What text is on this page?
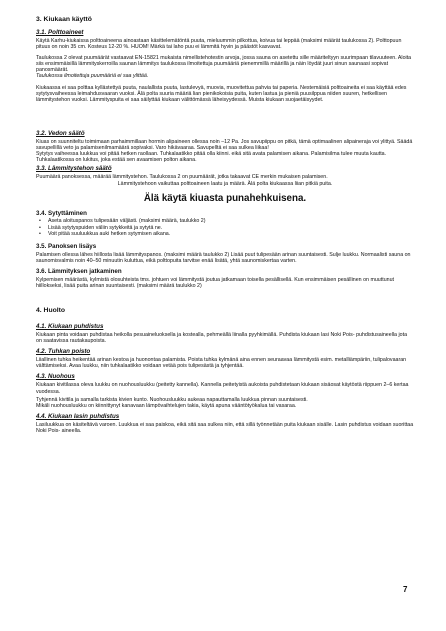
3. Kiukaan käyttö

3.1. Polttoaineet

Käytä Karhu-kiukaissa polttoaineena ainoastaan käsittelemätöntä puuta, mieluummin pilkottua, koivua tai leppää (maksimi määrät taulukossa 2). Polttopuun pituus on noin 35 cm. Kosteus 12-20 %. HUOM! Märkä tai laho puu ei lämmitä hyvin ja päästöt kasvavat.

Taulukossa 2 olevat puumäärät vastaavat EN-15821 mukaista nimellistehotestin arvoja, jossa sauna on asetettu sille määriteltyyn suurimpaan tilavuuteen. Aloita siis ensimmäisillä lämmityskerroilla saunan lämmitys taulukossa ilmoitettuja puumääriä pienemmillä määrillä ja näin löydät juuri sinun saunaasi sopivat panosmäärät.

Taulukossa ilmoitettuja puumääriä ei saa ylittää.

Kiukaassa ei saa polttaa kyllästettyä puuta, naulallista puuta, lastulevyä, muovia, muovitettua pahvia tai paperia. Nestemäisiä polttoaineita ei saa käyttää edes sytytysvaiheessa leimahdusvaaran vuoksi. Älä poltа suuria määriä lian pienikokoisia puita, kuten lastua ja pieniä puusilppua niiden suuren, hetkellisen lämmitystehon vuoksi. Lämmityspuita ei saa säilyttää kiukaan välittömässä läheisyydessä. Muista kiukaan suojaetäisyydet.

3.2. Vedon säätö

Kiuas on suunniteltu toimimaan parhaimmillaan hormin alipaineen ollessa noin –12 Pa. Jos savupiippu on pitkä, tämä optimaalinen alipaineraja voi ylittyä. Säädä savupellillä veto ja palamisenilmamäärä sopivaksi. Varo hikävaaraa. Savupelltä ei saa sulkea liikaa!

Sytytys vaiheessa luukkua voi pitää hetken raollaan. Tuhkalaatikko pitää olla kiinni. eikä sitä avata palamisen aikana. Palamisilma tulee muuta kautta. Tuhkalaatikossa on lukitus, joka estää sen avaamisen polton aikana.

3.3. Lämmitystehon säätö

Puumäärä panoksessa, määrää lämmitystehon. Taulukossa 2 on puumäärät, jotka takaavat CE merkin mukaisen palamisen.

Lämmitystehoon vaikuttaa polttoaineen laatu ja määrä. Älä polta kiukaassa liian pitkiä puita.

Älä käytä kiuasta punahehkuisena.

3.4. Sytyttäminen

• Aseta aloituspanos tulipesään väljästi. (maksimi määrä, taulukko 2)
• Lisää sytytyspuiden väliin sytykkeitä ja sytytä ne.
• Voit pitää suuluukkua auki hetken sytymisen aikana.

3.5. Panoksen lisäys

Palamisen ollessa lähes hiillosta lisää lämmityspanos. (maksimi määrä taulukko 2) Lisää puut tulipesään arinan suuntaisesti. Sulje luukku. Normaalisti sauna on saunomisvalmis noin 40–50 minuutin kuluttua, eikä polttopuita tarvitse enää lisätä, yhtä saunomiskertaa varten.

3.6. Lämmityksen jatkaminen

Kylpemisen määrästä, kylmistä olosuhteista tms. johtuen voi lämmitystä joutua jatkamaan toisella pesällisellä. Kun ensimmäisen pesällinen on muuttunut hiillokseksi, lisää puita arinan suuntaisesti. (maksimi määrä taulukko 2)

4. Huolto

4.1. Kiukaan puhdistus

Kiukaan pinta voidaan puhdistaa heikolla pesuaineluoksella ja kostealla, pehmeällä liinalla pyyhkimällä. Puhdista kiukaan lasi Noki Pois- puhdistusaineella jota on saatavissa rautakaupoista.

4.2. Tuhkan poisto

Liiallinen tuhka heikentää arinan kestoa ja huonontaa palamista. Poista tuhka kylmänä aina ennen seuraavaa lämmitystä esim. metalliämpäriin, tulipalovaaran välttämiseksi. Avaa luukku, niin tuhkalaatikko voidaan vetää pois tulipesästä ja tyhjentää.

4.3. Nuohous

Kiukaan kivitilassa oleva luukku on nuohousluukku (peitetty kannella). Kannella peitetyistä aukoista puhdistetaan kiukaan sisäosat käytöstä riippuen 2–6 kertaa vuodessa.

Tyhjennä kivitila ja samalla tarkista kivien kunto. Nuohousluukku aukeaa napauttamalla luukkua pinnan suuntaisesti.

Mikäli nuohousluukku on kiinnittynyt kanavaan lämpövaihtelujen takia, käytä apuna vääntötyökalua tai vasaraa.

4.4. Kiukaan lasin puhdistus

Lasiluukkua on käsiteltävä varoen. Luukkua ei saa paiskoa, eikä sitä saa sulkea niin, että sillä työnnetään puita kiukaan sisälle. Lasin puhdistus voidaan suorittaa Noki Pois- aineella.

7
